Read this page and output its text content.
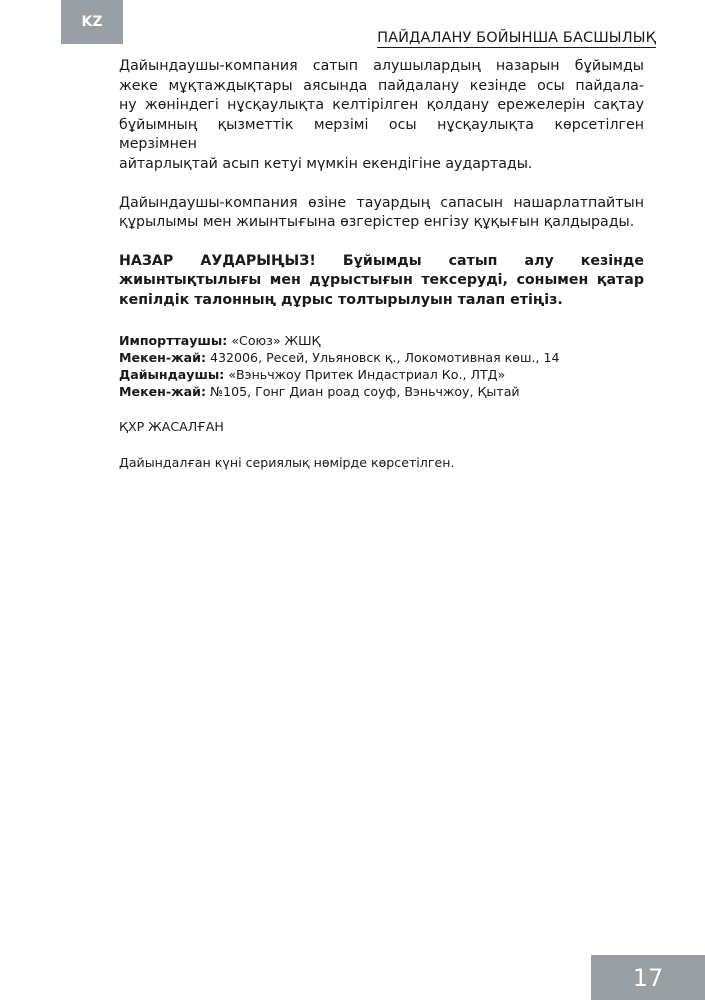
KZ
ПАЙДАЛАНУ БОЙЫНША БАСШЫЛЫҚ
Дайындаушы-компания сатып алушылардың назарын бұйымды
жеке мұқтаждықтары аясында пайдалану кезінде осы пайдала-
ну жөніндегі нұсқаулықта келтірілген қолдану ережелерін сақтау
бұйымның қызметтік мерзімі осы нұсқаулықта көрсетілген мерзімнен
айтарлықтай асып кетуі мүмкін екендігіне аудартады.
Дайындаушы-компания өзіне тауардың сапасын нашарлатпайтын
құрылымы мен жиынтығына өзгерістер енгізу құқығын қалдырады.
НАЗАР АУДАРЫҢЫЗ! Бұйымды сатып алу кезінде
жиынтықтылығы мен дұрыстығын тексеруді, сонымен қатар
кепілдік талонның дұрыс толтырылуын талап етіңіз.

Импорттаушы: «Союз» ЖШҚ

Мекен-жай: 432006, Ресей, Ульяновск қ., Локомотивная көш., 14

Дайындаушы: «Вэньчжоу Притек Индастриал Ко., ЛТД»

Мекен-жай: №105, Гонг Диан роад соуф, Вэньчжоу, Қытай

ҚХР ЖАСАЛҒАН

Дайындалған күні сериялық нөмірде көрсетілген.

17
